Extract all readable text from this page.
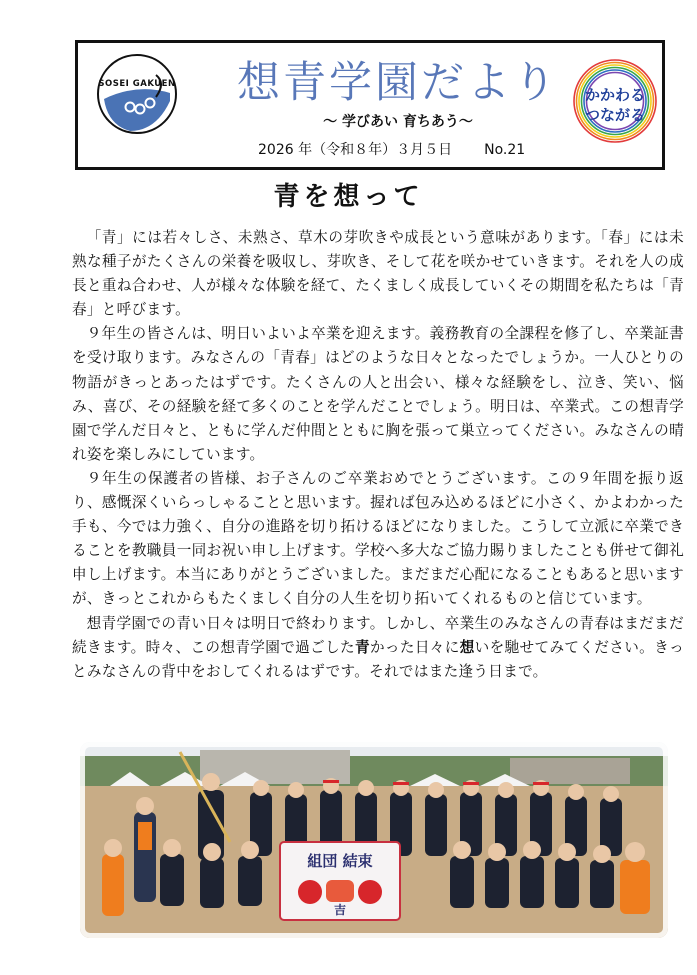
SOSEI GAKUEN	想青学園だより
～ 学びあい 育ちあう～
2026 年（令和８年）３月５日 No.21
かかわる
つながる
青を想って

「青」には若々しさ、未熟さ、草木の芽吹きや成長という意味があります。「春」には未熟な種子がたくさんの栄養を吸収し、芽吹き、そして花を咲かせていきます。それを人の成長と重ね合わせ、人が様々な体験を経て、たくましく成長していくその期間を私たちは「青春」と呼びます。

９年生の皆さんは、明日いよいよ卒業を迎えます。義務教育の全課程を修了し、卒業証書を受け取ります。みなさんの「青春」はどのような日々となったでしょうか。一人ひとりの物語がきっとあったはずです。たくさんの人と出会い、様々な経験をし、泣き、笑い、悩み、喜び、その経験を経て多くのことを学んだことでしょう。明日は、卒業式。この想青学園で学んだ日々と、ともに学んだ仲間とともに胸を張って巣立ってください。みなさんの晴れ姿を楽しみにしています。

９年生の保護者の皆様、お子さんのご卒業おめでとうございます。この９年間を振り返り、感慨深くいらっしゃることと思います。握れば包み込めるほどに小さく、かよわかった手も、今では力強く、自分の進路を切り拓けるほどになりました。こうして立派に卒業できることを教職員一同お祝い申し上げます。学校へ多大なご協力賜りましたことも併せて御礼申し上げます。本当にありがとうございました。まだまだ心配になることもあると思いますが、きっとこれからもたくましく自分の人生を切り拓いてくれるものと信じています。

想青学園での青い日々は明日で終わります。しかし、卒業生のみなさんの青春はまだまだ続きます。時々、この想青学園で過ごした青かった日々に想いを馳せてみてください。きっとみなさんの背中をおしてくれるはずです。それではまた逢う日まで。

組団 結束
吉
